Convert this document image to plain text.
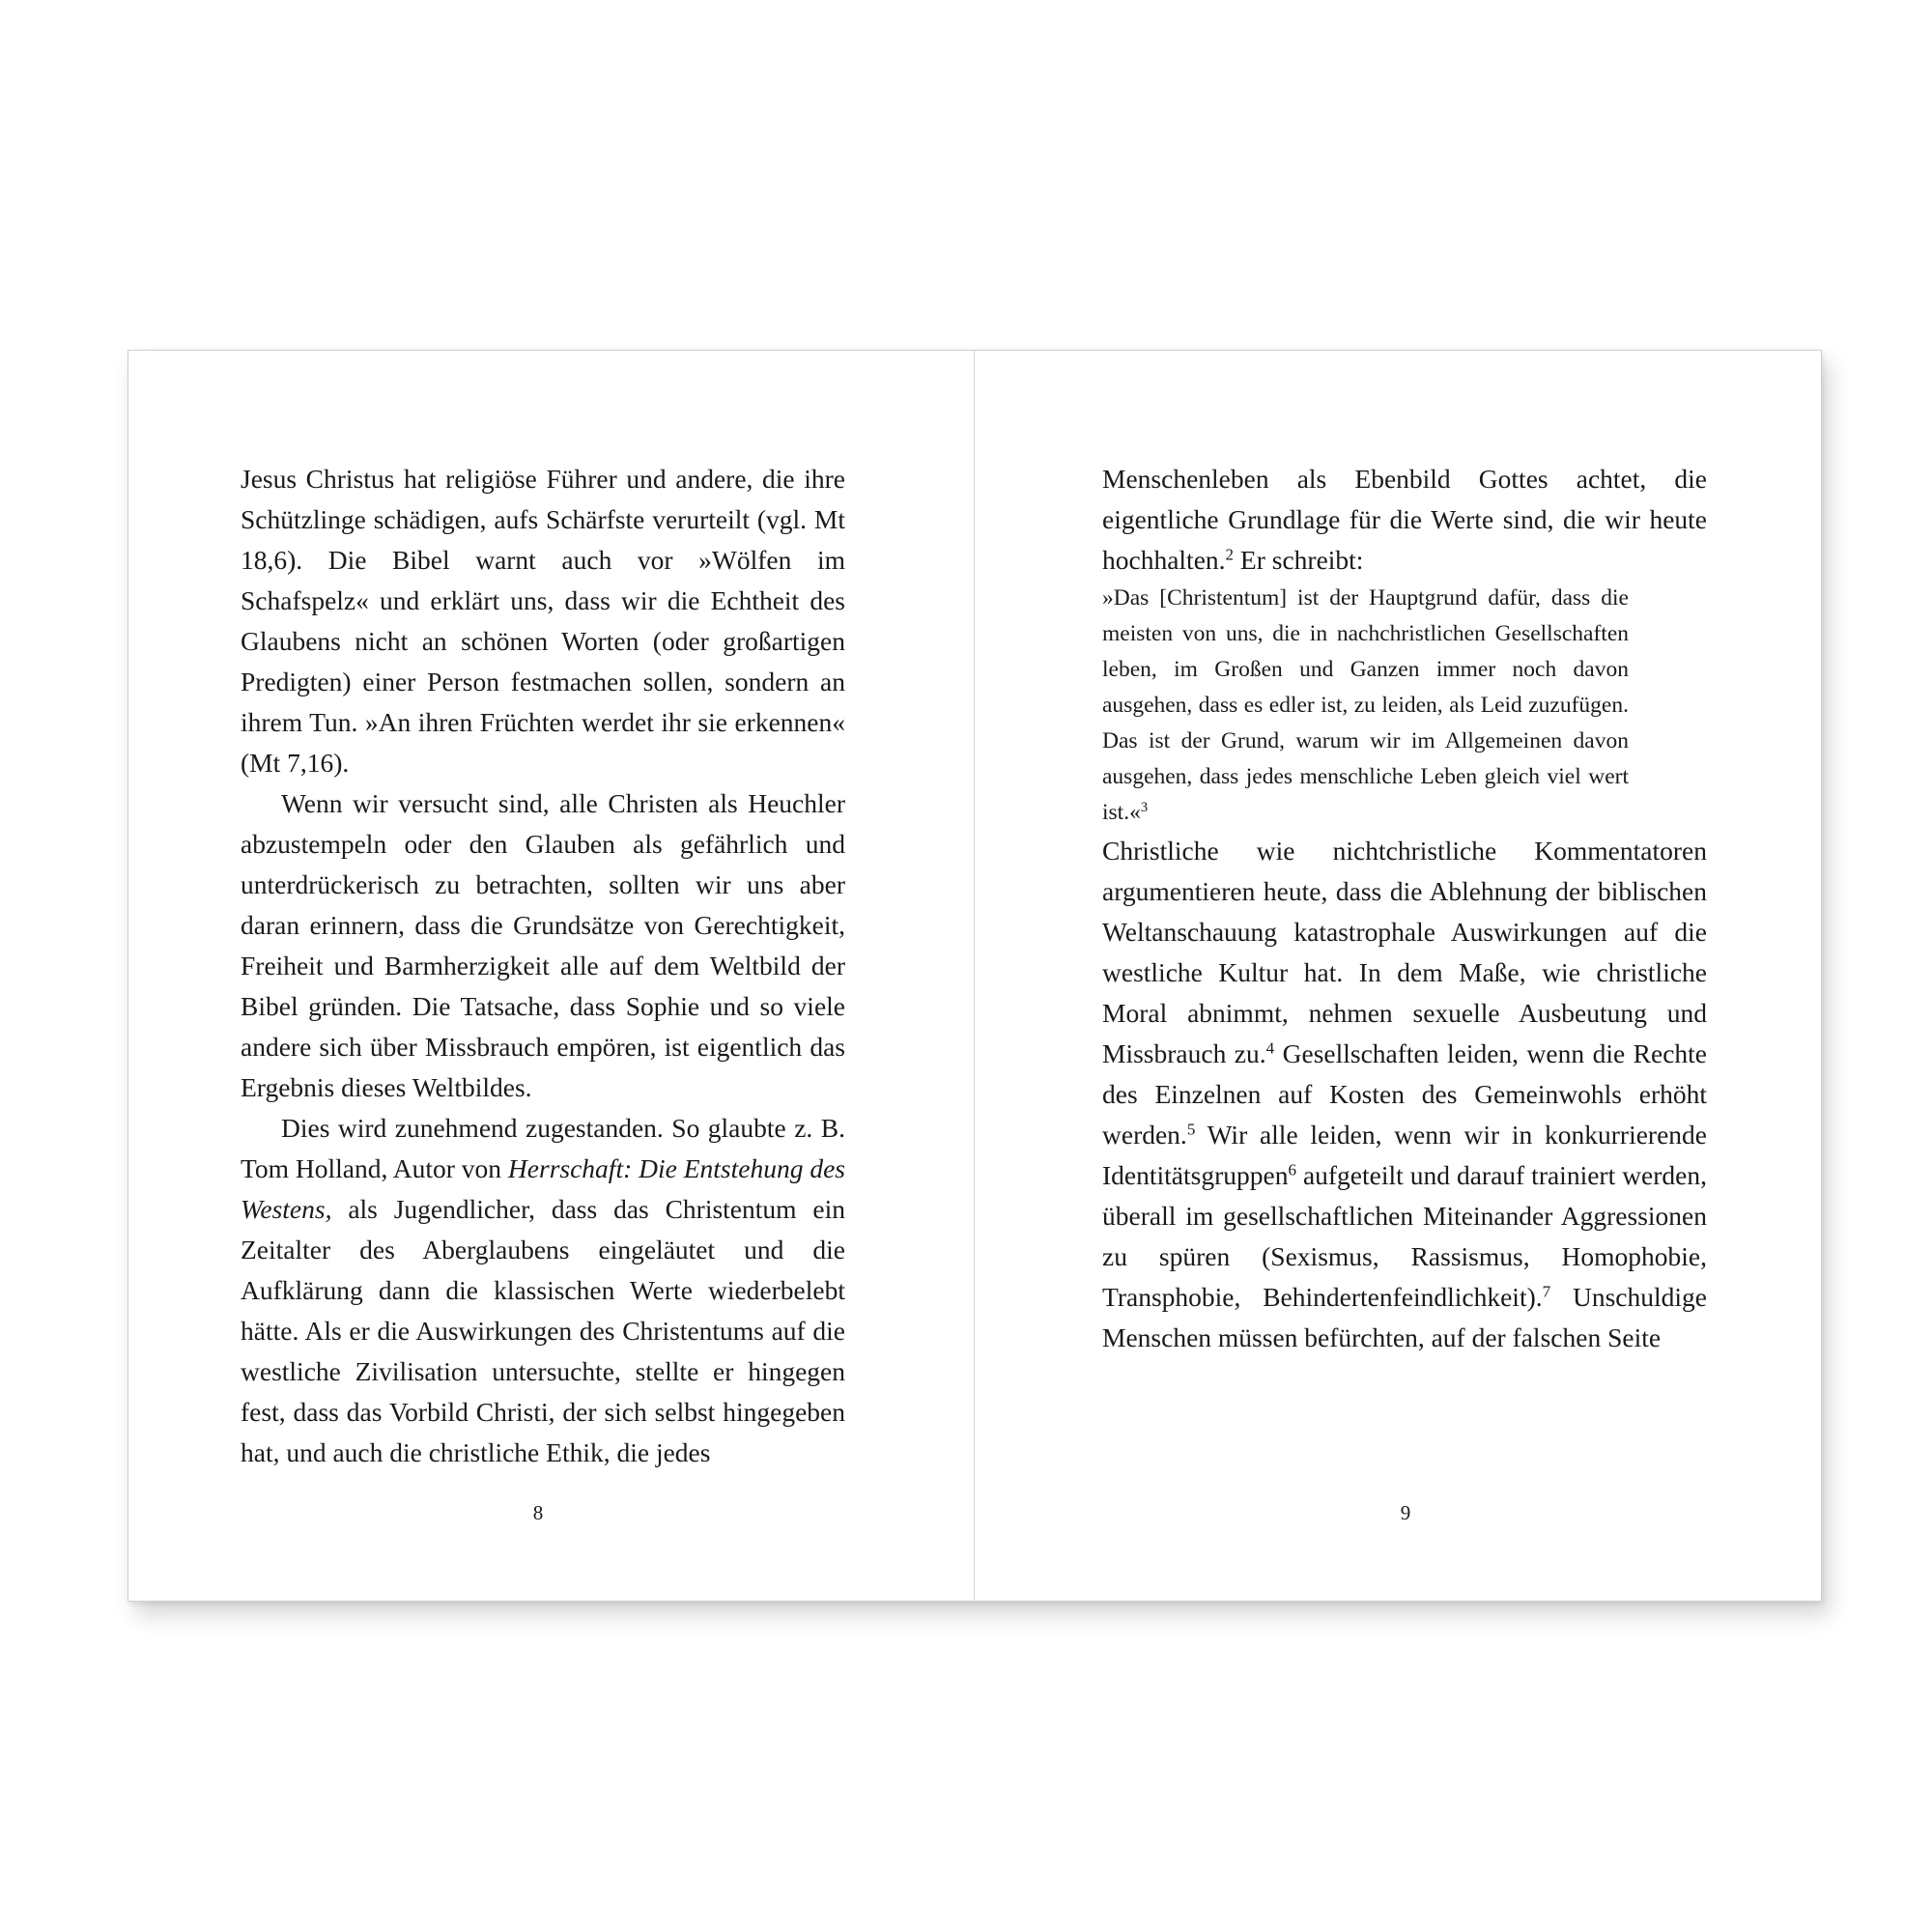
Jesus Christus hat religiöse Führer und andere, die ihre Schützlinge schädigen, aufs Schärfste verurteilt (vgl. Mt 18,6). Die Bibel warnt auch vor »Wölfen im Schafspelz« und erklärt uns, dass wir die Echtheit des Glaubens nicht an schönen Worten (oder großartigen Predigten) einer Person festmachen sollen, sondern an ihrem Tun. »An ihren Früchten werdet ihr sie erkennen« (Mt 7,16).

Wenn wir versucht sind, alle Christen als Heuchler abzustempeln oder den Glauben als gefährlich und unterdrückerisch zu betrachten, sollten wir uns aber daran erinnern, dass die Grundsätze von Gerechtigkeit, Freiheit und Barmherzigkeit alle auf dem Weltbild der Bibel gründen. Die Tatsache, dass Sophie und so viele andere sich über Missbrauch empören, ist eigentlich das Ergebnis dieses Weltbildes.

Dies wird zunehmend zugestanden. So glaubte z. B. Tom Holland, Autor von Herrschaft: Die Entstehung des Westens, als Jugendlicher, dass das Christentum ein Zeitalter des Aberglaubens eingeläutet und die Aufklärung dann die klassischen Werte wiederbelebt hätte. Als er die Auswirkungen des Christentums auf die westliche Zivilisation untersuchte, stellte er hingegen fest, dass das Vorbild Christi, der sich selbst hingegeben hat, und auch die christliche Ethik, die jedes

8

Menschenleben als Ebenbild Gottes achtet, die eigentliche Grundlage für die Werte sind, die wir heute hochhalten.$^2$ Er schreibt:

»Das [Christentum] ist der Hauptgrund dafür, dass die meisten von uns, die in nachchristlichen Gesellschaften leben, im Großen und Ganzen immer noch davon ausgehen, dass es edler ist, zu leiden, als Leid zuzufügen. Das ist der Grund, warum wir im Allgemeinen davon ausgehen, dass jedes menschliche Leben gleich viel wert ist.«$^3$

Christliche wie nichtchristliche Kommentatoren argumentieren heute, dass die Ablehnung der biblischen Weltanschauung katastrophale Auswirkungen auf die westliche Kultur hat. In dem Maße, wie christliche Moral abnimmt, nehmen sexuelle Ausbeutung und Missbrauch zu.$^4$ Gesellschaften leiden, wenn die Rechte des Einzelnen auf Kosten des Gemeinwohls erhöht werden.$^5$ Wir alle leiden, wenn wir in konkurrierende Identitätsgruppen$^6$ aufgeteilt und darauf trainiert werden, überall im gesellschaftlichen Miteinander Aggressionen zu spüren (Sexismus, Rassismus, Homophobie, Transphobie, Behindertenfeindlichkeit).$^7$ Unschuldige Menschen müssen befürchten, auf der falschen Seite

9
